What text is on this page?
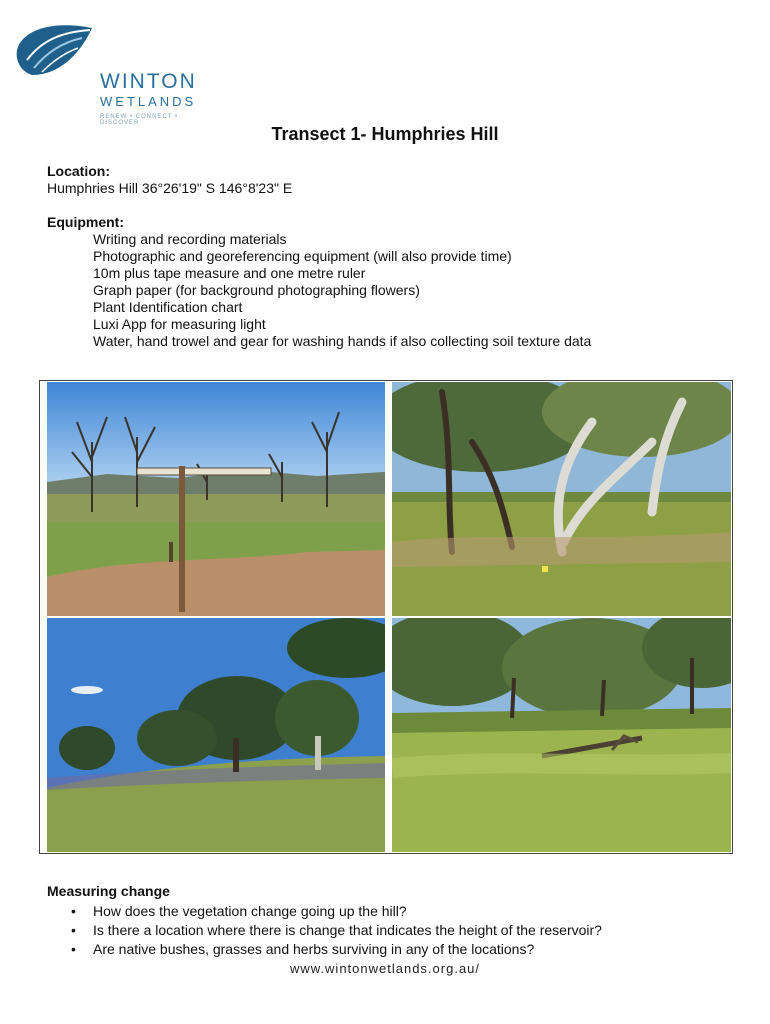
WINTON
WETLANDS
RENEW • CONNECT • DISCOVER
Transect 1- Humphries Hill
Location:
Humphries Hill 36°26'19" S 146°8'23" E
Equipment:
Writing and recording materials
Photographic and georeferencing equipment (will also provide time)
10m plus tape measure and one metre ruler
Graph paper (for background photographing flowers)
Plant Identification chart
Luxi App for measuring light
Water, hand trowel and gear for washing hands if also collecting soil texture data
Measuring change
• How does the vegetation change going up the hill?
• Is there a location where there is change that indicates the height of the reservoir?
• Are native bushes, grasses and herbs surviving in any of the locations?
www.wintonwetlands.org.au/
